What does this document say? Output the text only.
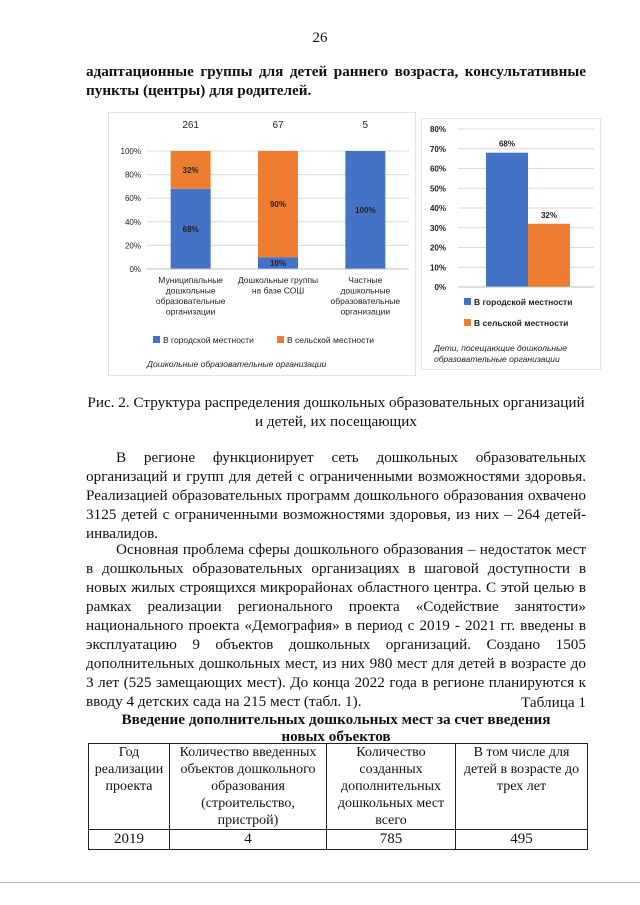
26

адаптационные группы для детей раннего возраста, консультативные пункты (центры) для родителей.

0%
20%
40%
60%
80%
100%
68%
32%
261
Муниципальные
дошкольные
образовательные
организации
10%
90%
67
Дошкольные группы
на базе СОШ
100%
5
Частные
дошкольные
образовательные
организации
В городской местности	В сельской местности
Дошкольные образовательные организации
0%
10%
20%
30%
40%
50%
60%
70%
80%
68%
32%
В городской местности
В сельской местности
Дети, посещающие дошкольные
образовательные организации
Рис. 2. Структура распределения дошкольных образовательных организаций и детей, их посещающих

В регионе функционирует сеть дошкольных образовательных организаций и групп для детей с ограниченными возможностями здоровья. Реализацией образовательных программ дошкольного образования охвачено 3125 детей с ограниченными возможностями здоровья, из них – 264 детей-инвалидов.

Основная проблема сферы дошкольного образования – недостаток мест в дошкольных образовательных организациях в шаговой доступности в новых жилых строящихся микрорайонах областного центра. С этой целью в рамках реализации регионального проекта «Содействие занятости» национального проекта «Демография» в период с 2019 - 2021 гг. введены в эксплуатацию 9 объектов дошкольных организаций. Создано 1505 дополнительных дошкольных мест, из них 980 мест для детей в возрасте до 3 лет (525 замещающих мест). До конца 2022 года в регионе планируются к вводу 4 детских сада на 215 мест (табл. 1).	Таблица 1
Введение дополнительных дошкольных мест за счет введения новых объектов
Год реализации проекта	Количество введенных объектов дошкольного образования (строительство, пристрой)	Количество созданных дополнительных дошкольных мест всего	В том числе для детей в возрасте до трех лет
2019	4	785	495
